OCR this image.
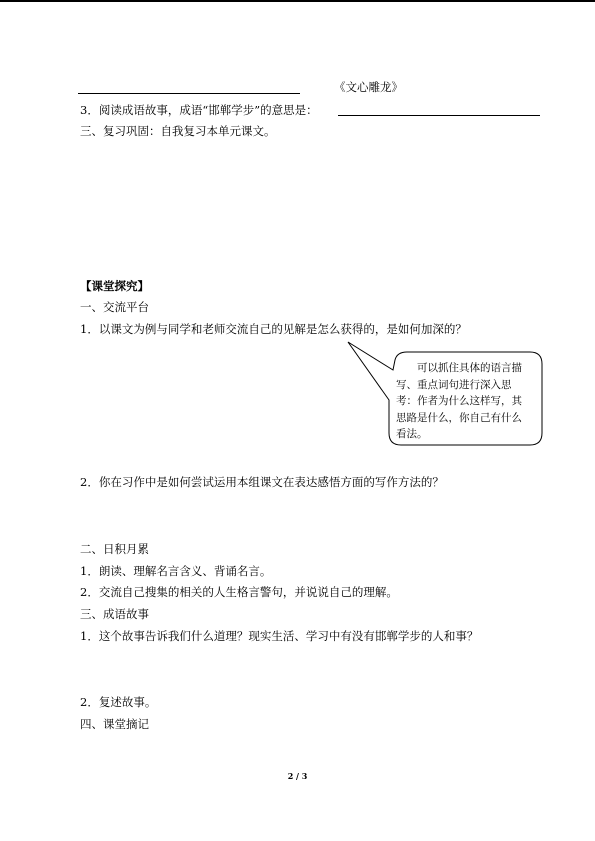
《文心雕龙》
3．阅读成语故事，成语“邯郸学步”的意思是：
三、复习巩固：自我复习本单元课文。
【课堂探究】
一、交流平台
1．以课文为例与同学和老师交流自己的见解是怎么获得的，是如何加深的？
可以抓住具体的语言描写、重点词句进行深入思考：作者为什么这样写，其思路是什么，你自己有什么看法。
2．你在习作中是如何尝试运用本组课文在表达感悟方面的写作方法的？
二、日积月累
1．朗读、理解名言含义、背诵名言。
2．交流自己搜集的相关的人生格言警句，并说说自己的理解。
三、成语故事
1．这个故事告诉我们什么道理？现实生活、学习中有没有邯郸学步的人和事？
2．复述故事。
四、课堂摘记
2 / 3
